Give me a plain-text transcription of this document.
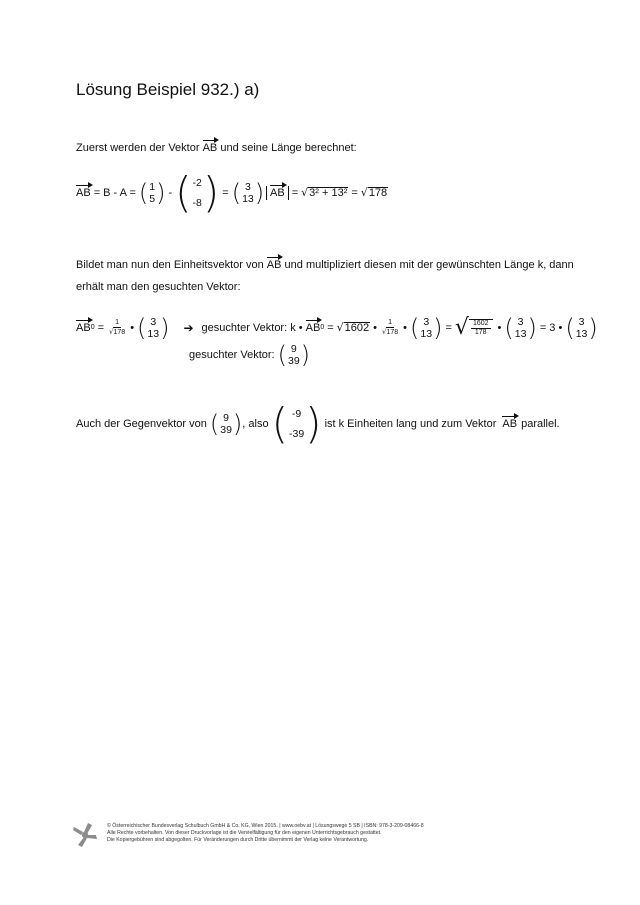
Lösung Beispiel 932.) a)
Zuerst werden der Vektor AB und seine Länge berechnet:
AB = B - A = ( 1
5 ) - ( -2
-8 ) = ( 3
13 ) AB = √ 3² + 13² = √ 178
Bildet man nun den Einheitsvektor von AB und multipliziert diesen mit der gewünschten Länge k, dann
erhält man den gesuchten Vektor:
AB $0 = \frac{1}{√178}$ • ( 3
13 ) ➔ gesuchter Vektor: k • AB 0 = √ 1602 • $\frac{1}{√178}$ • ( 3
13 ) = √ $\frac{1602}{178}$ • ( 3
13 ) = 3 • ( 3
13 )
gesuchter Vektor: ( 9
39 )
Auch der Gegenvektor von ( 9
39 ) , also ( -9
-39 ) ist k Einheiten lang und zum Vektor AB parallel.
© Österreichischer Bundesverlag Schulbuch GmbH & Co. KG, Wien 2015. | www.oebv.at | Lösungswege 5 SB | ISBN: 978-3-209-08466-8
Alle Rechte vorbehalten. Von dieser Druckvorlage ist die Vervielfältigung für den eigenen Unterrichtsgebrauch gestattet.
Die Kopiergebühren sind abgegolten. Für Veränderungen durch Dritte übernimmt der Verlag keine Verantwortung.
